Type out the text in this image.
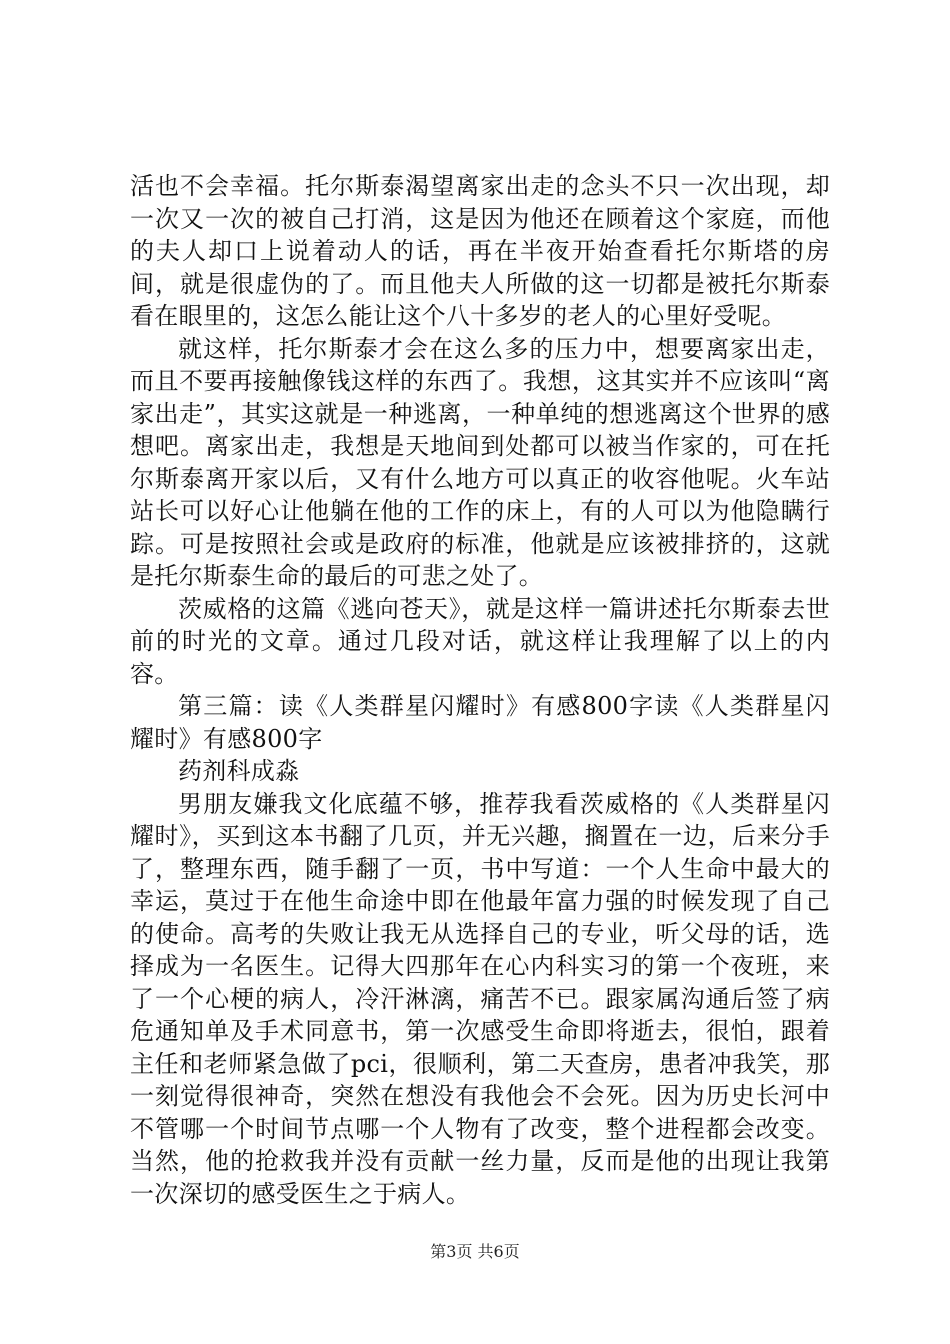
活也不会幸福。托尔斯泰渴望离家出走的念头不只一次出现，却一次又一次的被自己打消，这是因为他还在顾着这个家庭，而他的夫人却口上说着动人的话，再在半夜开始查看托尔斯塔的房间，就是很虚伪的了。而且他夫人所做的这一切都是被托尔斯泰看在眼里的，这怎么能让这个八十多岁的老人的心里好受呢。

就这样，托尔斯泰才会在这么多的压力中，想要离家出走，而且不要再接触像钱这样的东西了。我想，这其实并不应该叫“离家出走”，其实这就是一种逃离，一种单纯的想逃离这个世界的感想吧。离家出走，我想是天地间到处都可以被当作家的，可在托尔斯泰离开家以后，又有什么地方可以真正的收容他呢。火车站站长可以好心让他躺在他的工作的床上，有的人可以为他隐瞒行踪。可是按照社会或是政府的标准，他就是应该被排挤的，这就是托尔斯泰生命的最后的可悲之处了。

茨威格的这篇《逃向苍天》，就是这样一篇讲述托尔斯泰去世前的时光的文章。通过几段对话，就这样让我理解了以上的内容。

第三篇：读《人类群星闪耀时》有感800字读《人类群星闪耀时》有感800字

药剂科成淼

男朋友嫌我文化底蕴不够，推荐我看茨威格的《人类群星闪耀时》，买到这本书翻了几页，并无兴趣，搁置在一边，后来分手了，整理东西，随手翻了一页，书中写道：一个人生命中最大的幸运，莫过于在他生命途中即在他最年富力强的时候发现了自己的使命。高考的失败让我无从选择自己的专业，听父母的话，选择成为一名医生。记得大四那年在心内科实习的第一个夜班，来了一个心梗的病人，冷汗淋漓，痛苦不已。跟家属沟通后签了病危通知单及手术同意书，第一次感受生命即将逝去，很怕，跟着主任和老师紧急做了pci，很顺利，第二天查房，患者冲我笑，那一刻觉得很神奇，突然在想没有我他会不会死。因为历史长河中不管哪一个时间节点哪一个人物有了改变，整个进程都会改变。当然，他的抢救我并没有贡献一丝力量，反而是他的出现让我第一次深切的感受医生之于病人。

第3页 共6页
